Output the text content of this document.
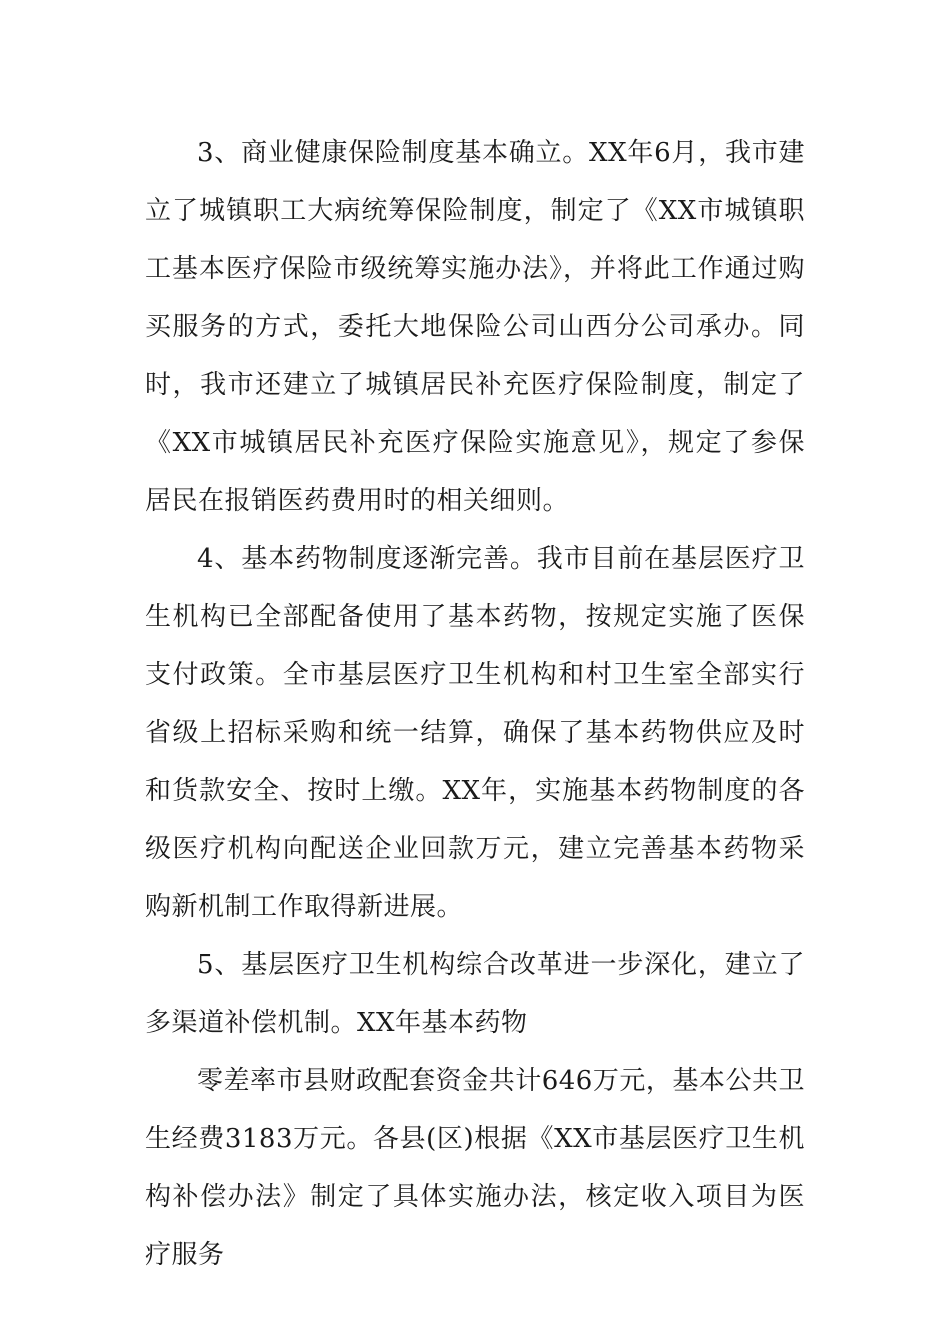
3、商业健康保险制度基本确立。XX年6月，我市建立了城镇职工大病统筹保险制度，制定了《XX市城镇职工基本医疗保险市级统筹实施办法》，并将此工作通过购买服务的方式，委托大地保险公司山西分公司承办。同时，我市还建立了城镇居民补充医疗保险制度，制定了《XX市城镇居民补充医疗保险实施意见》，规定了参保居民在报销医药费用时的相关细则。

4、基本药物制度逐渐完善。我市目前在基层医疗卫生机构已全部配备使用了基本药物，按规定实施了医保支付政策。全市基层医疗卫生机构和村卫生室全部实行省级上招标采购和统一结算，确保了基本药物供应及时和货款安全、按时上缴。XX年，实施基本药物制度的各级医疗机构向配送企业回款万元，建立完善基本药物采购新机制工作取得新进展。

5、基层医疗卫生机构综合改革进一步深化，建立了多渠道补偿机制。XX年基本药物

零差率市县财政配套资金共计646万元，基本公共卫生经费3183万元。各县(区)根据《XX市基层医疗卫生机构补偿办法》制定了具体实施办法，核定收入项目为医疗服务
